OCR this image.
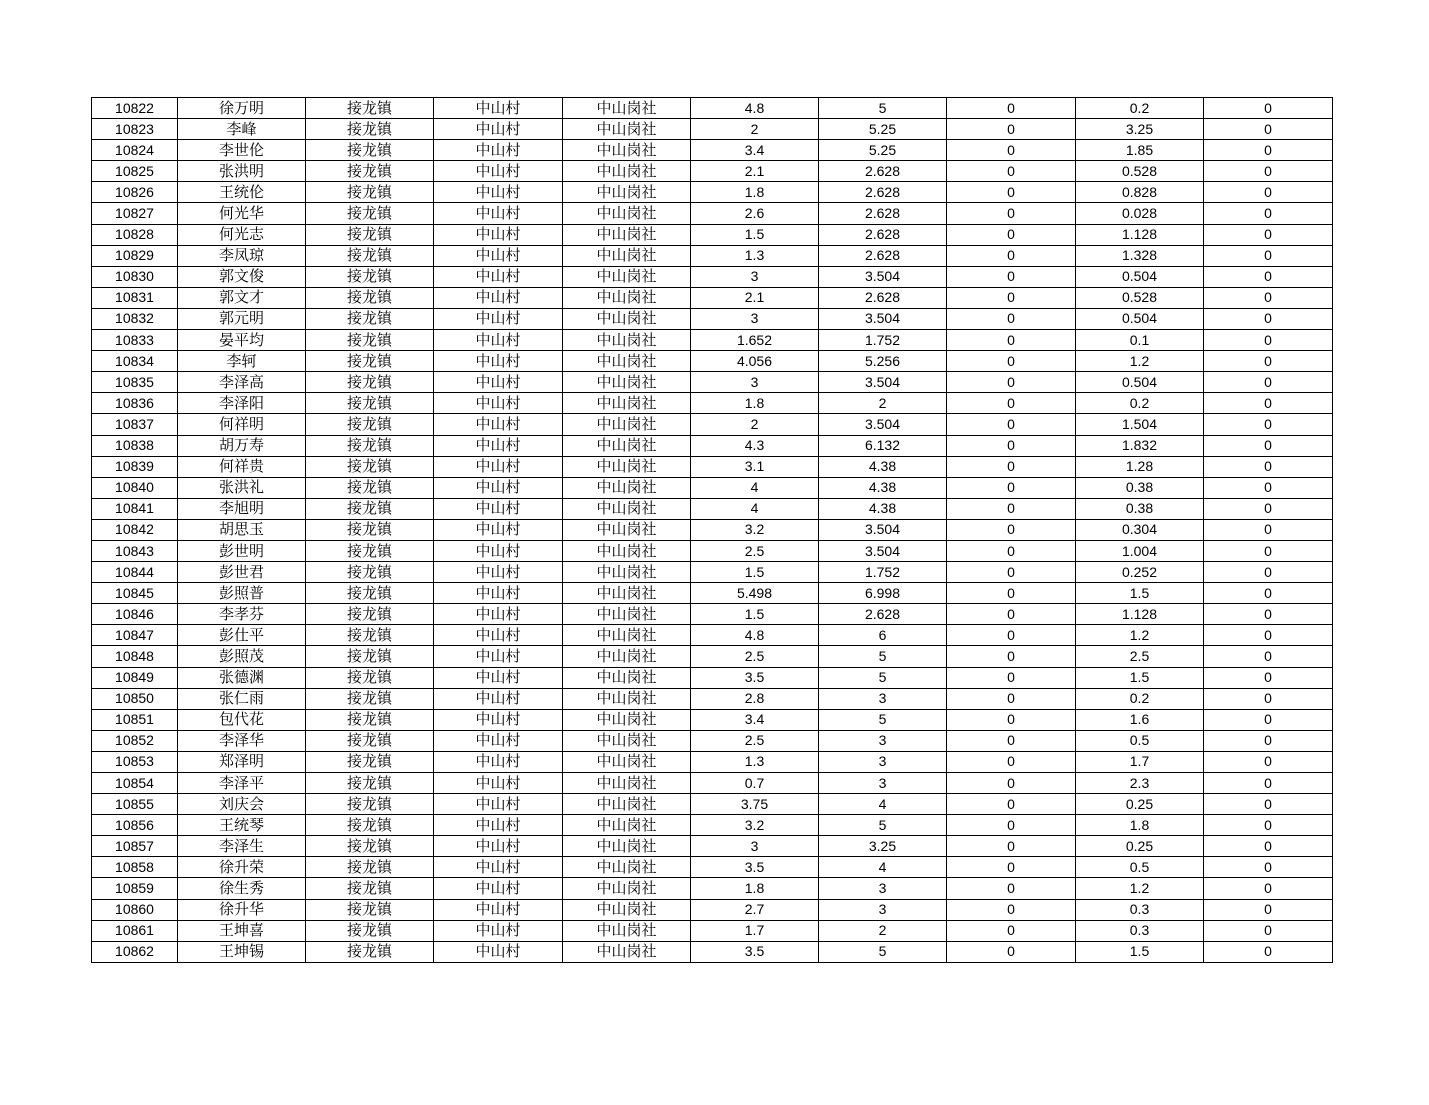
10822	徐万明	接龙镇	中山村	中山岗社	4.8	5	0	0.2	0
10823	李峰	接龙镇	中山村	中山岗社	2	5.25	0	3.25	0
10824	李世伦	接龙镇	中山村	中山岗社	3.4	5.25	0	1.85	0
10825	张洪明	接龙镇	中山村	中山岗社	2.1	2.628	0	0.528	0
10826	王统伦	接龙镇	中山村	中山岗社	1.8	2.628	0	0.828	0
10827	何光华	接龙镇	中山村	中山岗社	2.6	2.628	0	0.028	0
10828	何光志	接龙镇	中山村	中山岗社	1.5	2.628	0	1.128	0
10829	李凤琼	接龙镇	中山村	中山岗社	1.3	2.628	0	1.328	0
10830	郭文俊	接龙镇	中山村	中山岗社	3	3.504	0	0.504	0
10831	郭文才	接龙镇	中山村	中山岗社	2.1	2.628	0	0.528	0
10832	郭元明	接龙镇	中山村	中山岗社	3	3.504	0	0.504	0
10833	晏平均	接龙镇	中山村	中山岗社	1.652	1.752	0	0.1	0
10834	李轲	接龙镇	中山村	中山岗社	4.056	5.256	0	1.2	0
10835	李泽高	接龙镇	中山村	中山岗社	3	3.504	0	0.504	0
10836	李泽阳	接龙镇	中山村	中山岗社	1.8	2	0	0.2	0
10837	何祥明	接龙镇	中山村	中山岗社	2	3.504	0	1.504	0
10838	胡万寿	接龙镇	中山村	中山岗社	4.3	6.132	0	1.832	0
10839	何祥贵	接龙镇	中山村	中山岗社	3.1	4.38	0	1.28	0
10840	张洪礼	接龙镇	中山村	中山岗社	4	4.38	0	0.38	0
10841	李旭明	接龙镇	中山村	中山岗社	4	4.38	0	0.38	0
10842	胡思玉	接龙镇	中山村	中山岗社	3.2	3.504	0	0.304	0
10843	彭世明	接龙镇	中山村	中山岗社	2.5	3.504	0	1.004	0
10844	彭世君	接龙镇	中山村	中山岗社	1.5	1.752	0	0.252	0
10845	彭照普	接龙镇	中山村	中山岗社	5.498	6.998	0	1.5	0
10846	李孝芬	接龙镇	中山村	中山岗社	1.5	2.628	0	1.128	0
10847	彭仕平	接龙镇	中山村	中山岗社	4.8	6	0	1.2	0
10848	彭照茂	接龙镇	中山村	中山岗社	2.5	5	0	2.5	0
10849	张德渊	接龙镇	中山村	中山岗社	3.5	5	0	1.5	0
10850	张仁雨	接龙镇	中山村	中山岗社	2.8	3	0	0.2	0
10851	包代花	接龙镇	中山村	中山岗社	3.4	5	0	1.6	0
10852	李泽华	接龙镇	中山村	中山岗社	2.5	3	0	0.5	0
10853	郑泽明	接龙镇	中山村	中山岗社	1.3	3	0	1.7	0
10854	李泽平	接龙镇	中山村	中山岗社	0.7	3	0	2.3	0
10855	刘庆会	接龙镇	中山村	中山岗社	3.75	4	0	0.25	0
10856	王统琴	接龙镇	中山村	中山岗社	3.2	5	0	1.8	0
10857	李泽生	接龙镇	中山村	中山岗社	3	3.25	0	0.25	0
10858	徐升荣	接龙镇	中山村	中山岗社	3.5	4	0	0.5	0
10859	徐生秀	接龙镇	中山村	中山岗社	1.8	3	0	1.2	0
10860	徐升华	接龙镇	中山村	中山岗社	2.7	3	0	0.3	0
10861	王坤喜	接龙镇	中山村	中山岗社	1.7	2	0	0.3	0
10862	王坤锡	接龙镇	中山村	中山岗社	3.5	5	0	1.5	0
